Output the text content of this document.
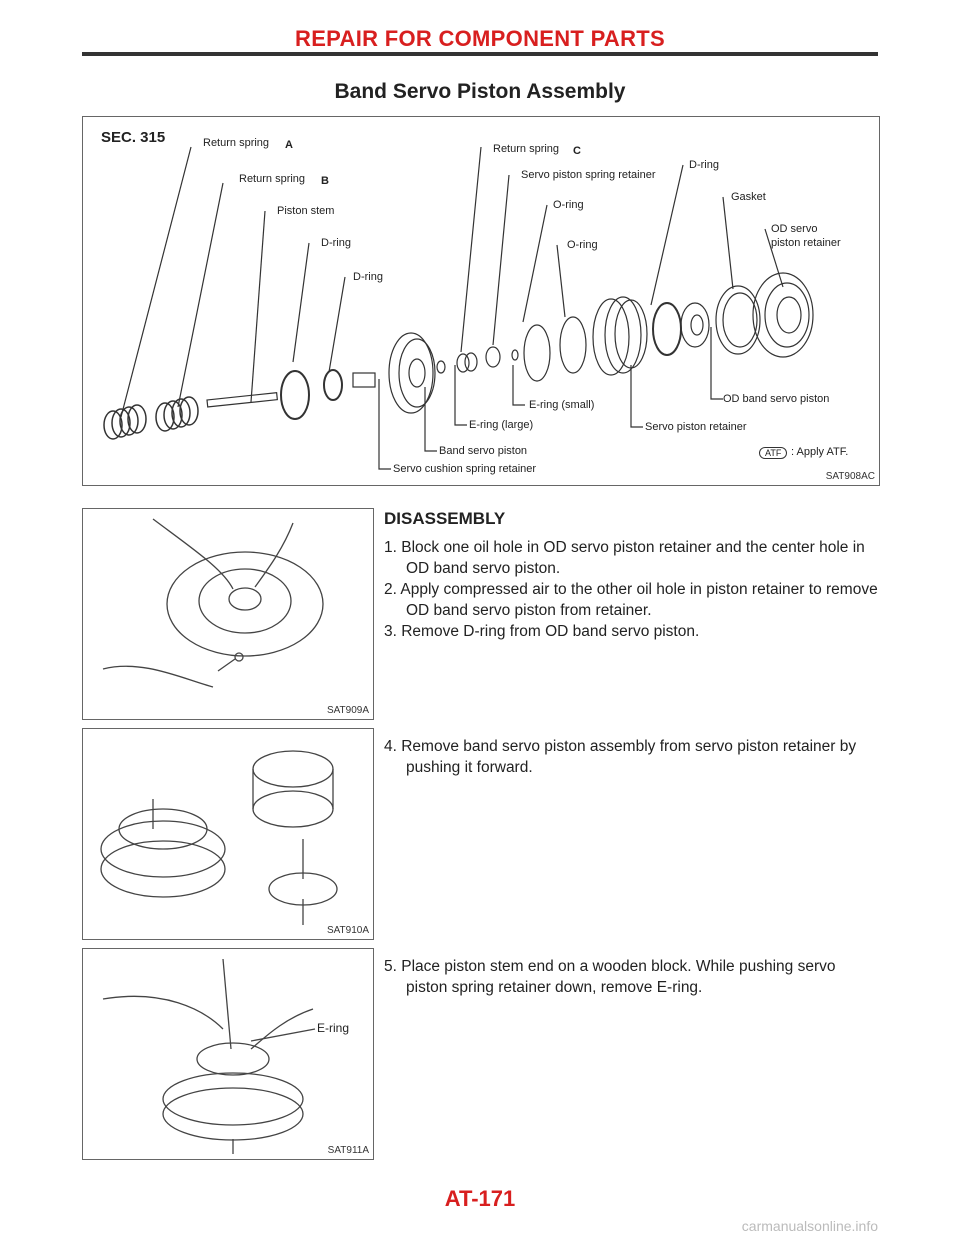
REPAIR FOR COMPONENT PARTS
Band Servo Piston Assembly
SEC. 315	Return spring
Return spring
Piston stem
D-ring
D-ring
Return spring
Servo piston spring retainer
O-ring
O-ring
D-ring
Gasket
OD servo
piston retainer
OD band servo piston
E-ring (small)
Servo piston retainer
E-ring (large)
Band servo piston
Servo cushion spring retainer
ATF : Apply ATF.
A
B
C
SAT908AC
SAT909A
SAT910A
E-ring
SAT911A
DISASSEMBLY

1. Block one oil hole in OD servo piston retainer and the center hole in OD band servo piston.

2. Apply compressed air to the other oil hole in piston retainer to remove OD band servo piston from retainer.

3. Remove D-ring from OD band servo piston.

4. Remove band servo piston assembly from servo piston retainer by pushing it forward.

5. Place piston stem end on a wooden block. While pushing servo piston spring retainer down, remove E-ring.

AT-171
carmanualsonline.info
